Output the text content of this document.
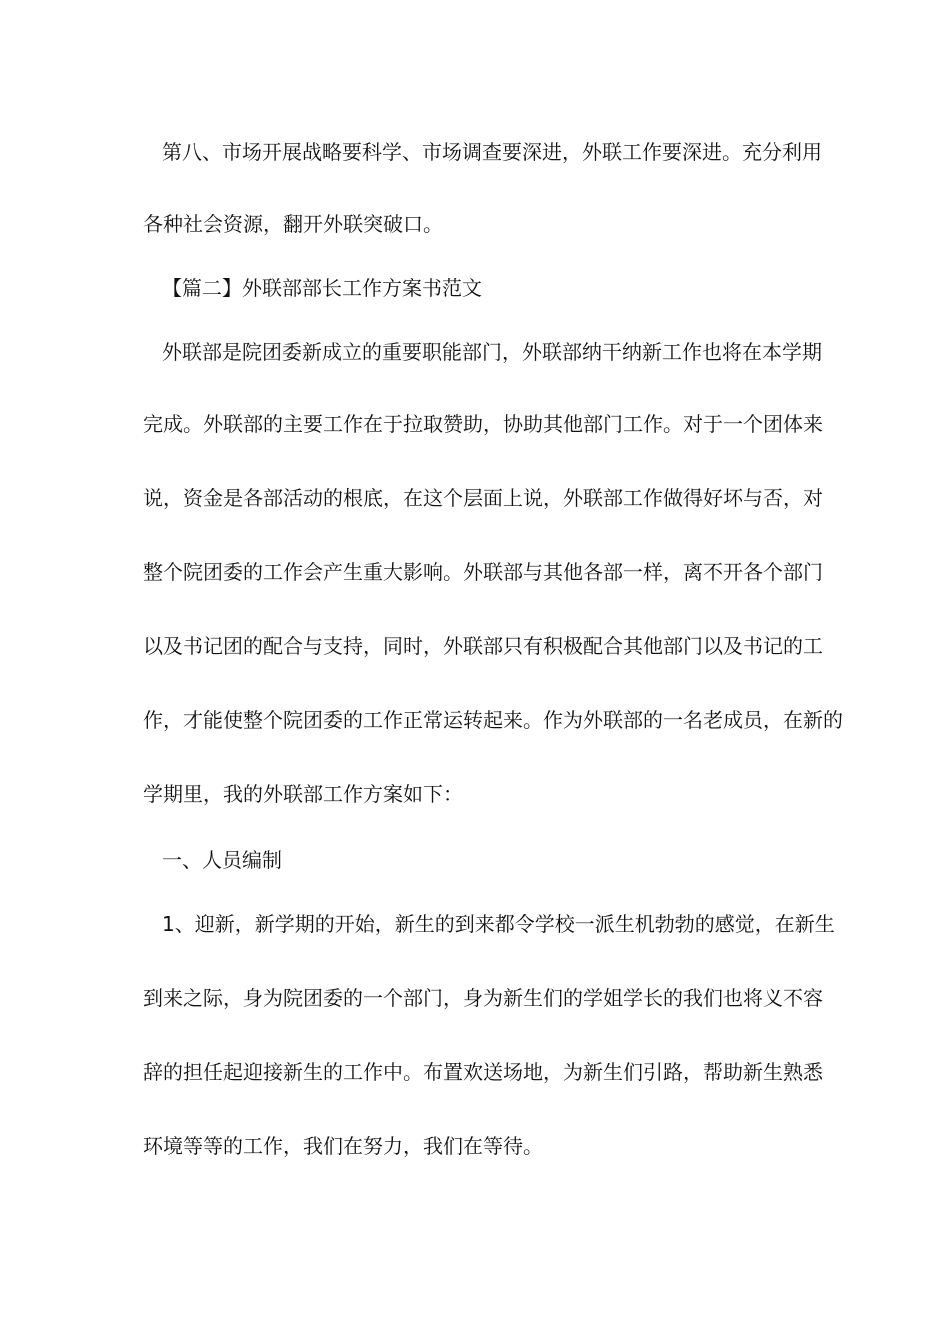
第八、市场开展战略要科学、市场调查要深进，外联工作要深进。充分利用
各种社会资源，翻开外联突破口。
【篇二】外联部部长工作方案书范文
外联部是院团委新成立的重要职能部门，外联部纳干纳新工作也将在本学期
完成。外联部的主要工作在于拉取赞助，协助其他部门工作。对于一个团体来
说，资金是各部活动的根底，在这个层面上说，外联部工作做得好坏与否，对
整个院团委的工作会产生重大影响。外联部与其他各部一样，离不开各个部门
以及书记团的配合与支持，同时，外联部只有积极配合其他部门以及书记的工
作，才能使整个院团委的工作正常运转起来。作为外联部的一名老成员，在新的
学期里，我的外联部工作方案如下：
一、人员编制
1、迎新，新学期的开始，新生的到来都令学校一派生机勃勃的感觉，在新生
到来之际，身为院团委的一个部门，身为新生们的学姐学长的我们也将义不容
辞的担任起迎接新生的工作中。布置欢送场地，为新生们引路，帮助新生熟悉
环境等等的工作，我们在努力，我们在等待。
